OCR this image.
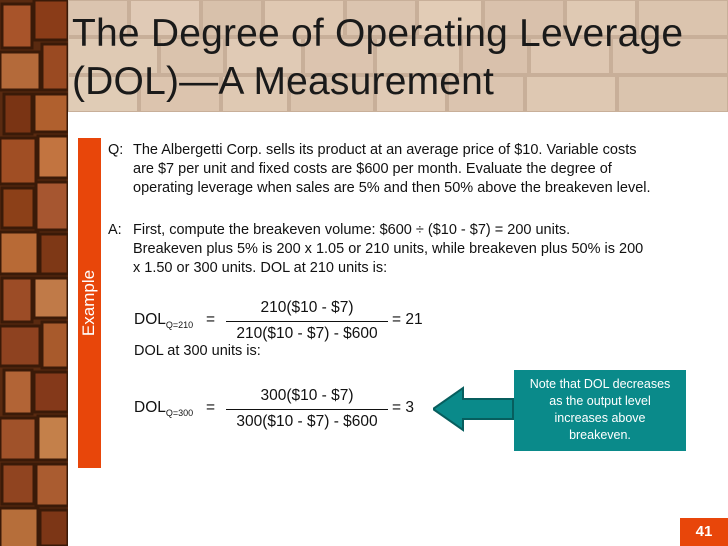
The Degree of Operating Leverage
(DOL)—A Measurement
Example
Q: The Albergetti Corp. sells its product at an average price of $10. Variable costs
are $7 per unit and fixed costs are $600 per month. Evaluate the degree of
operating leverage when sales are 5% and then 50% above the breakeven level.
A: First, compute the breakeven volume: $600 ÷ ($10 - $7) = 200 units.
Breakeven plus 5% is 200 x 1.05 or 210 units, while breakeven plus 50% is 200
x 1.50 or 300 units. DOL at 210 units is:
$DOL_{Q=210}$ =
210($10 - $7)
210($10 - $7) - $600
= 21
DOL at 300 units is:
$DOL_{Q=300}$ =
300($10 - $7)
300($10 - $7) - $600
= 3
Note that DOL decreases
as the output level
increases above
breakeven.
41
